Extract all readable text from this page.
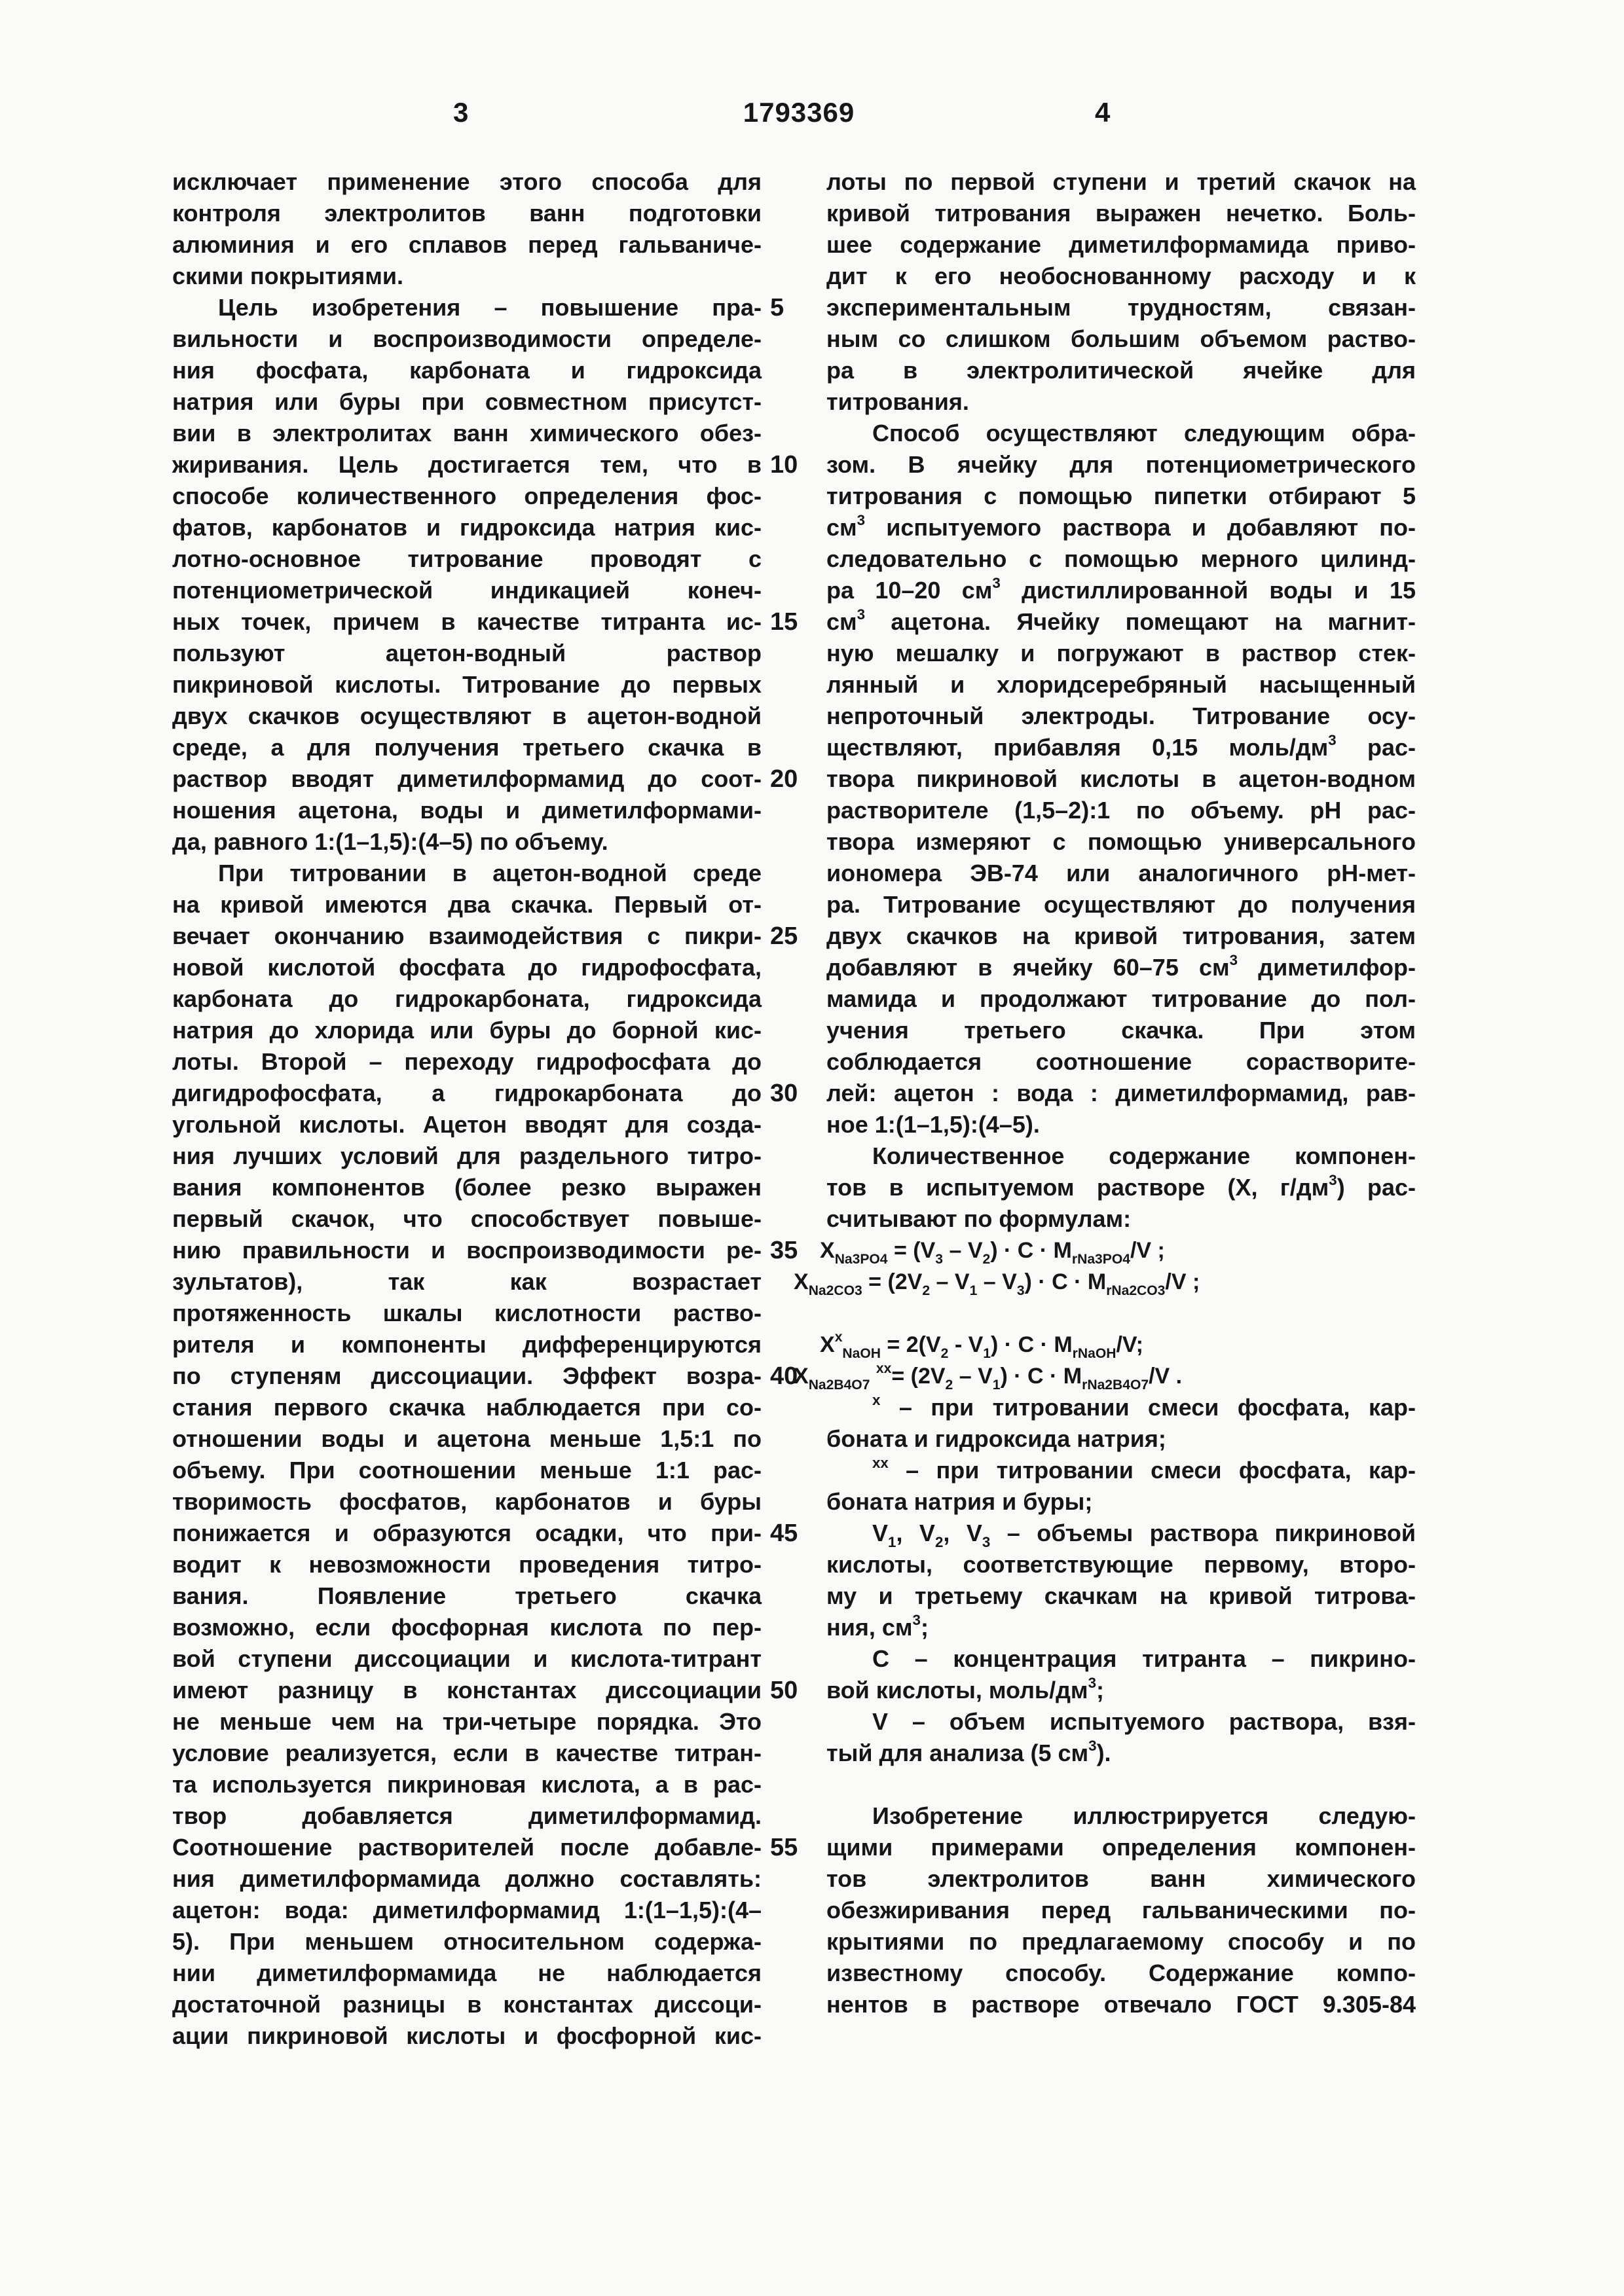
3	1793369	4
исключает применение этого способа для
контроля электролитов ванн подготовки
алюминия и его сплавов перед гальваниче-
скими покрытиями.
Цель изобретения – повышение пра-
вильности и воспроизводимости определе-
ния фосфата, карбоната и гидроксида
натрия или буры при совместном присутст-
вии в электролитах ванн химического обез-
жиривания. Цель достигается тем, что в
способе количественного определения фос-
фатов, карбонатов и гидроксида натрия кис-
лотно-основное титрование проводят с
потенциометрической индикацией конеч-
ных точек, причем в качестве титранта ис-
пользуют ацетон-водный раствор
пикриновой кислоты. Титрование до первых
двух скачков осуществляют в ацетон-водной
среде, а для получения третьего скачка в
раствор вводят диметилформамид до соот-
ношения ацетона, воды и диметилформами-
да, равного 1:(1–1,5):(4–5) по объему.
При титровании в ацетон-водной среде
на кривой имеются два скачка. Первый от-
вечает окончанию взаимодействия с пикри-
новой кислотой фосфата до гидрофосфата,
карбоната до гидрокарбоната, гидроксида
натрия до хлорида или буры до борной кис-
лоты. Второй – переходу гидрофосфата до
дигидрофосфата, а гидрокарбоната до
угольной кислоты. Ацетон вводят для созда-
ния лучших условий для раздельного титро-
вания компонентов (более резко выражен
первый скачок, что способствует повыше-
нию правильности и воспроизводимости ре-
зультатов), так как возрастает
протяженность шкалы кислотности раство-
рителя и компоненты дифференцируются
по ступеням диссоциации. Эффект возра-
стания первого скачка наблюдается при со-
отношении воды и ацетона меньше 1,5:1 по
объему. При соотношении меньше 1:1 рас-
творимость фосфатов, карбонатов и буры
понижается и образуются осадки, что при-
водит к невозможности проведения титро-
вания. Появление третьего скачка
возможно, если фосфорная кислота по пер-
вой ступени диссоциации и кислота-титрант
имеют разницу в константах диссоциации
не меньше чем на три-четыре порядка. Это
условие реализуется, если в качестве титран-
та используется пикриновая кислота, а в рас-
твор добавляется диметилформамид.
Соотношение растворителей после добавле-
ния диметилформамида должно составлять:
ацетон: вода: диметилформамид 1:(1–1,5):(4–
5). При меньшем относительном содержа-
нии диметилформамида не наблюдается
достаточной разницы в константах диссоци-
ации пикриновой кислоты и фосфорной кис-
лоты по первой ступени и третий скачок на
кривой титрования выражен нечетко. Боль-
шее содержание диметилформамида приво-
дит к его необоснованному расходу и к
экспериментальным трудностям, связан-
ным со слишком большим объемом раство-
ра в электролитической ячейке для
титрования.
Способ осуществляют следующим обра-
зом. В ячейку для потенциометрического
титрования с помощью пипетки отбирают 5
$см^3$ испытуемого раствора и добавляют по-
следовательно с помощью мерного цилинд-
ра 10–20 $см^3$ дистиллированной воды и 15
$см^3$ ацетона. Ячейку помещают на магнит-
ную мешалку и погружают в раствор стек-
лянный и хлоридсеребряный насыщенный
непроточный электроды. Титрование осу-
ществляют, прибавляя 0,15 моль/$дм^3$ рас-
твора пикриновой кислоты в ацетон-водном
растворителе (1,5–2):1 по объему. рН рас-
твора измеряют с помощью универсального
иономера ЭВ-74 или аналогичного рН-мет-
ра. Титрование осуществляют до получения
двух скачков на кривой титрования, затем
добавляют в ячейку 60–75 $см^3$ диметилфор-
мамида и продолжают титрование до пол-
учения третьего скачка. При этом
соблюдается соотношение сорастворите-
лей: ацетон : вода : диметилформамид, рав-
ное 1:(1–1,5):(4–5).
Количественное содержание компонен-
тов в испытуемом растворе (X, $г/дм^3$) рас-
считывают по формулам:
$X_{Na3PO4} = (V_3 - V_2) \cdot C \cdot M_{rNa3PO4}/V$ ;
$X_{Na2CO3} = (2V_2 - V_1 - V_3) \cdot C \cdot M_{rNa2CO3}/V$ ;
$X^x_{NaOH} = 2(V_2 - V_1) \cdot C \cdot M_{rNaOH}/V$;
$X_{Na2B4O7}$ $^{xx}= (2V_2 - V_1) \cdot C \cdot M_{rNa2B4O7}/V$ .
$^x$ – при титровании смеси фосфата, кар-
боната и гидроксида натрия;
$^{xx}$ – при титровании смеси фосфата, кар-
боната натрия и буры;
$V_1$, $V_2$, $V_3$ – объемы раствора пикриновой
кислоты, соответствующие первому, второ-
му и третьему скачкам на кривой титрова-
ния, $см^3$;
С – концентрация титранта – пикрино-
вой кислоты, моль/$дм^3$;
V – объем испытуемого раствора, взя-
тый для анализа (5 $см^3$).
Изобретение иллюстрируется следую-
щими примерами определения компонен-
тов электролитов ванн химического
обезжиривания перед гальваническими по-
крытиями по предлагаемому способу и по
известному способу. Содержание компо-
нентов в растворе отвечало ГОСТ 9.305-84
5
10
15
20
25
30
35
40
45
50
55
